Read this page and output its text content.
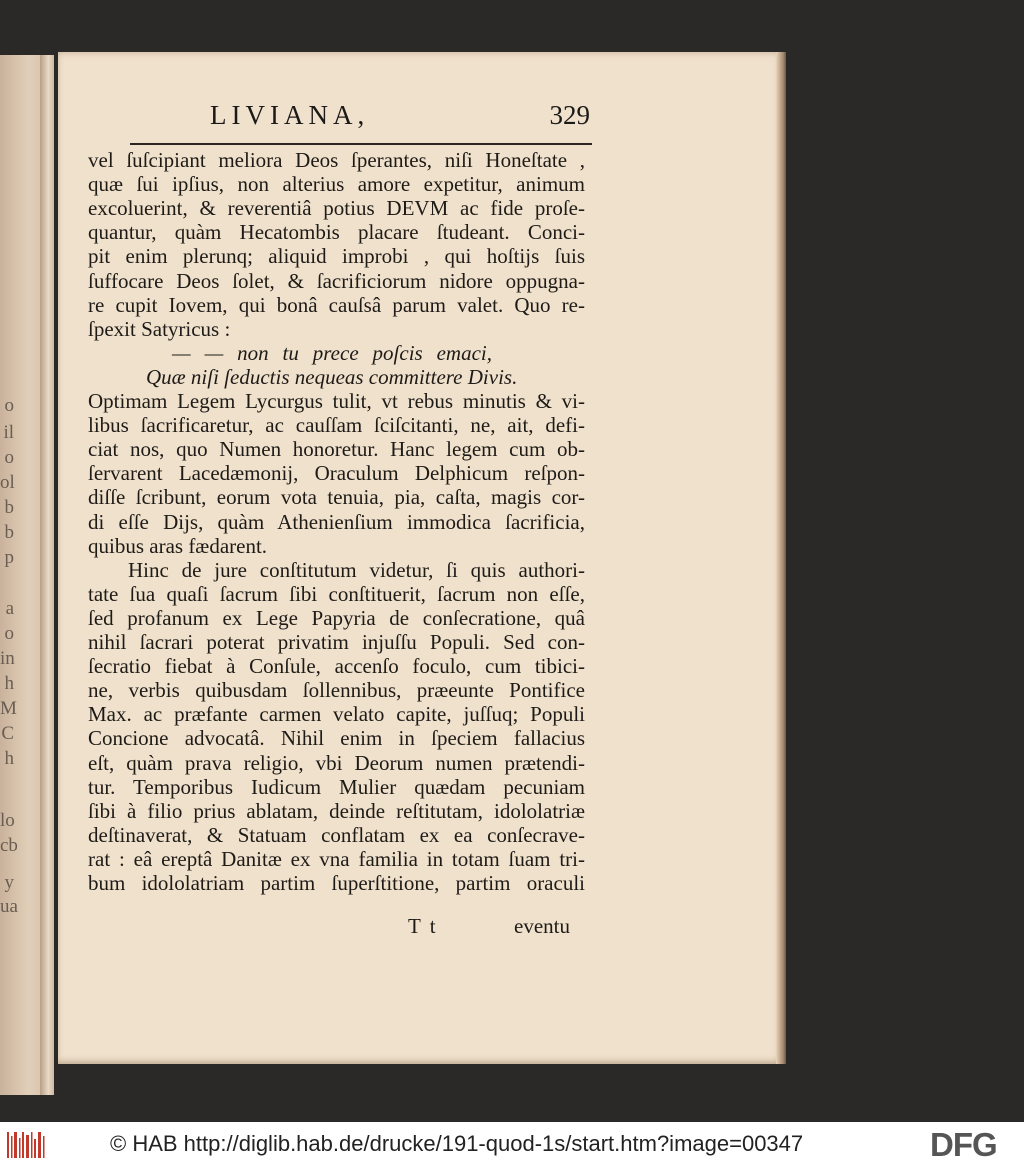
o
il
o
ol
b
b
p
a
o
in
h
M
C
h
lo
cb
y
ua
LIVIANA,	329
vel ſuſcipiant meliora Deos ſperantes, niſi Honeſtate ,
quæ ſui ipſius, non alterius amore expetitur, animum
excoluerint, & reverentiâ potius DEVM ac fide proſe-
quantur, quàm Hecatombis placare ſtudeant. Conci-
pit enim plerunq; aliquid improbi , qui hoſtijs ſuis
ſuffocare Deos ſolet, & ſacrificiorum nidore oppugna-
re cupit Iovem, qui bonâ cauſsâ parum valet. Quo re-
ſpexit Satyricus :
— — non tu prece poſcis emaci,
Quæ niſi ſeductis nequeas committere Divis.
Optimam Legem Lycurgus tulit, vt rebus minutis & vi-
libus ſacrificaretur, ac cauſſam ſciſcitanti, ne, ait, defi-
ciat nos, quo Numen honoretur. Hanc legem cum ob-
ſervarent Lacedæmonij, Oraculum Delphicum reſpon-
diſſe ſcribunt, eorum vota tenuia, pia, caſta, magis cor-
di eſſe Dijs, quàm Athenienſium immodica ſacrificia,
quibus aras fædarent.
Hinc de jure conſtitutum videtur, ſi quis authori-
tate ſua quaſi ſacrum ſibi conſtituerit, ſacrum non eſſe,
ſed profanum ex Lege Papyria de conſecratione, quâ
nihil ſacrari poterat privatim injuſſu Populi. Sed con-
ſecratio fiebat à Conſule, accenſo foculo, cum tibici-
ne, verbis quibusdam ſollennibus, præeunte Pontifice
Max. ac præfante carmen velato capite, juſſuq; Populi
Concione advocatâ. Nihil enim in ſpeciem fallacius
eſt, quàm prava religio, vbi Deorum numen prætendi-
tur. Temporibus Iudicum Mulier quædam pecuniam
ſibi à filio prius ablatam, deinde reſtitutam, idololatriæ
deſtinaverat, & Statuam conflatam ex ea conſecrave-
rat : eâ ereptâ Danitæ ex vna familia in totam ſuam tri-
bum idololatriam partim ſuperſtitione, partim oraculi
T t	eventu
© HAB http://diglib.hab.de/drucke/191-quod-1s/start.htm?image=00347	DFG
